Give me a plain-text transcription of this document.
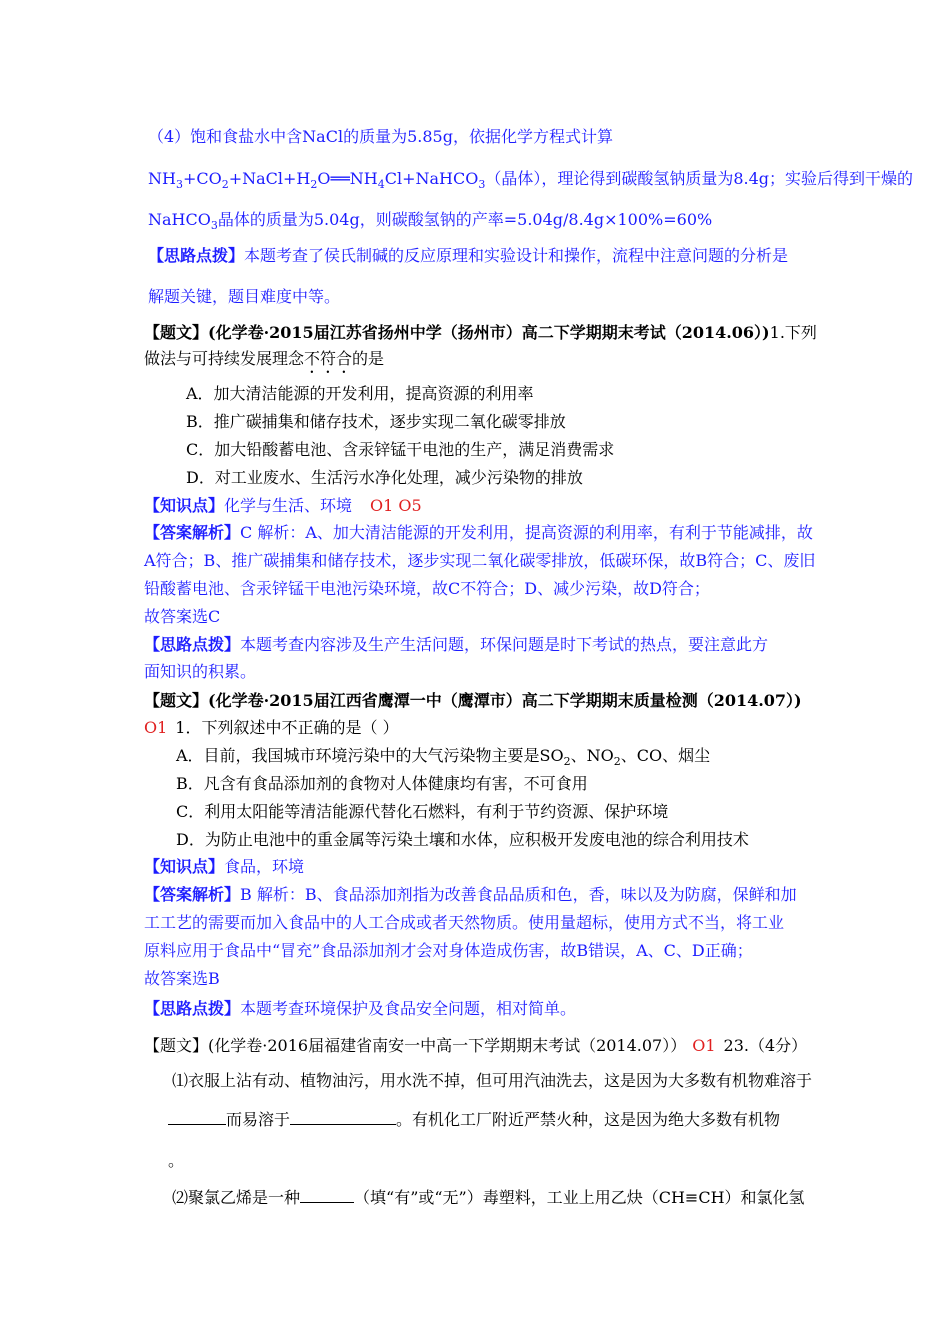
（4）饱和食盐水中含NaCl的质量为5.85g，依据化学方程式计算
$NH_3+CO_2+NaCl+H_2O══NH_4Cl+NaHCO_3$（晶体），理论得到碳酸氢钠质量为8.4g；实验后得到干燥的
NaHCO$_3$晶体的质量为5.04g，则碳酸氢钠的产率=5.04g/8.4g×100%=60%
【思路点拨】本题考查了侯氏制碱的反应原理和实验设计和操作，流程中注意问题的分析是
解题关键，题目难度中等。
【题文】(化学卷·2015届江苏省扬州中学（扬州市）高二下学期期末考试（2014.06）)1.下列
做法与可持续发展理念不符合的是
A．加大清洁能源的开发利用，提高资源的利用率
B．推广碳捕集和储存技术，逐步实现二氧化碳零排放
C．加大铅酸蓄电池、含汞锌锰干电池的生产，满足消费需求
D．对工业废水、生活污水净化处理，减少污染物的排放
【知识点】化学与生活、环境 O1 O5
【答案解析】C 解析：A、加大清洁能源的开发利用，提高资源的利用率，有利于节能减排，故
A符合；B、推广碳捕集和储存技术，逐步实现二氧化碳零排放，低碳环保，故B符合；C、废旧
铅酸蓄电池、含汞锌锰干电池污染环境，故C不符合；D、减少污染，故D符合；
故答案选C
【思路点拨】本题考查内容涉及生产生活问题，环保问题是时下考试的热点，要注意此方
面知识的积累。
【题文】(化学卷·2015届江西省鹰潭一中（鹰潭市）高二下学期期末质量检测（2014.07）)
O1 1．下列叙述中不正确的是（ ）
A．目前，我国城市环境污染中的大气污染物主要是$SO_2$、$NO_2$、CO、烟尘
B．凡含有食品添加剂的食物对人体健康均有害，不可食用
C．利用太阳能等清洁能源代替化石燃料，有利于节约资源、保护环境
D．为防止电池中的重金属等污染土壤和水体，应积极开发废电池的综合利用技术
【知识点】食品，环境
【答案解析】B 解析：B、食品添加剂指为改善食品品质和色，香，味以及为防腐，保鲜和加
工工艺的需要而加入食品中的人工合成或者天然物质。使用量超标，使用方式不当，将工业
原料应用于食品中“冒充”食品添加剂才会对身体造成伤害，故B错误，A、C、D正确；
故答案选B
【思路点拨】本题考查环境保护及食品安全问题，相对简单。
【题文】(化学卷·2016届福建省南安一中高一下学期期末考试（2014.07）） O1 23.（4分）
⑴衣服上沾有动、植物油污，用水洗不掉，但可用汽油洗去，这是因为大多数有机物难溶于
而易溶于	。有机化工厂附近严禁火种，这是因为绝大多数有机物
。
⑵聚氯乙烯是一种	（填“有”或“无”）毒塑料，工业上用乙炔（CH≡CH）和氯化氢
